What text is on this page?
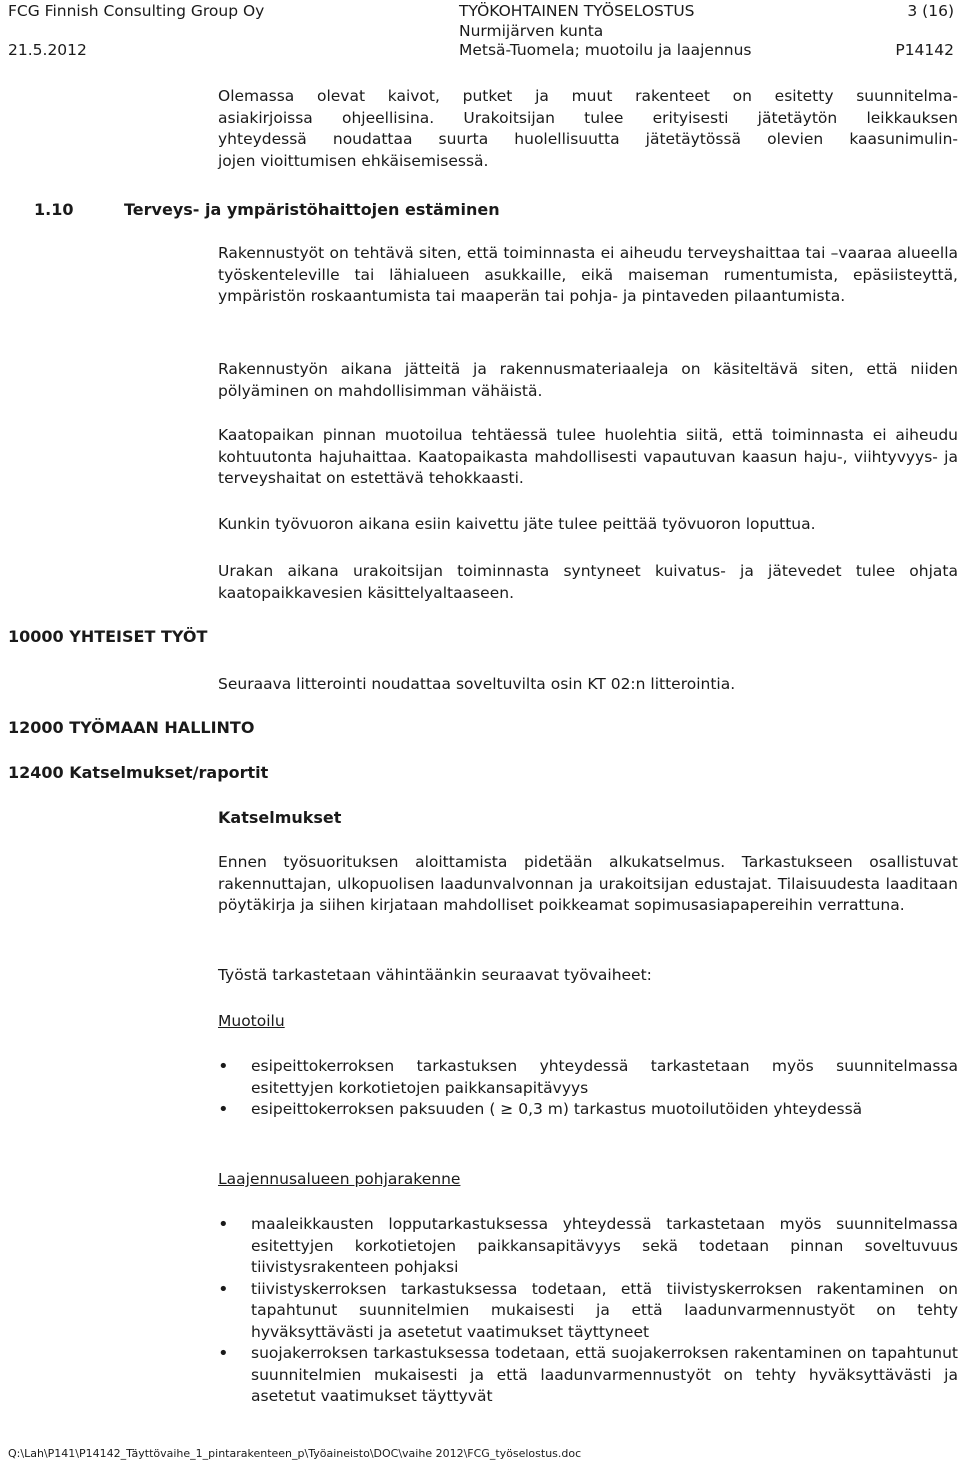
FCG Finnish Consulting Group Oy
21.5.2012
TYÖKOHTAINEN TYÖSELOSTUS
Nurmijärven kunta
Metsä-Tuomela; muotoilu ja laajennus
3 (16)
P14142
Olemassa olevat kaivot, putket ja muut rakenteet on esitetty suunnitelma-
asiakirjoissa ohjeellisina. Urakoitsijan tulee erityisesti jätetäytön leikkauksen
yhteydessä noudattaa suurta huolellisuutta jätetäytössä olevien kaasunimulin-
jojen vioittumisen ehkäisemisessä.
1.10	Terveys- ja ympäristöhaittojen estäminen
Rakennustyöt on tehtävä siten, että toiminnasta ei aiheudu terveyshaittaa tai –vaaraa alueella työskenteleville tai lähialueen asukkaille, eikä maiseman rumentumista, epäsiisteyttä, ympäristön roskaantumista tai maaperän tai pohja- ja pintaveden pilaantumista.
Rakennustyön aikana jätteitä ja rakennusmateriaaleja on käsiteltävä siten, että niiden pölyäminen on mahdollisimman vähäistä.
Kaatopaikan pinnan muotoilua tehtäessä tulee huolehtia siitä, että toiminnasta ei aiheudu kohtuutonta hajuhaittaa. Kaatopaikasta mahdollisesti vapautuvan kaasun haju-, viihtyvyys- ja terveyshaitat on estettävä tehokkaasti.
Kunkin työvuoron aikana esiin kaivettu jäte tulee peittää työvuoron loputtua.
Urakan aikana urakoitsijan toiminnasta syntyneet kuivatus- ja jätevedet tulee ohjata kaatopaikkavesien käsittelyaltaaseen.
10000 YHTEISET TYÖT
Seuraava litterointi noudattaa soveltuvilta osin KT 02:n litterointia.
12000 TYÖMAAN HALLINTO
12400 Katselmukset/raportit
Katselmukset
Ennen työsuorituksen aloittamista pidetään alkukatselmus. Tarkastukseen osallistuvat rakennuttajan, ulkopuolisen laadunvalvonnan ja urakoitsijan edustajat. Tilaisuudesta laaditaan pöytäkirja ja siihen kirjataan mahdolliset poikkeamat sopimusasiapapereihin verrattuna.
Työstä tarkastetaan vähintäänkin seuraavat työvaiheet:
Muotoilu
• esipeittokerroksen tarkastuksen yhteydessä tarkastetaan myös suunnitelmassa esitettyjen korkotietojen paikkansapitävyys
• esipeittokerroksen paksuuden ( ≥ 0,3 m) tarkastus muotoilutöiden yhteydessä
Laajennusalueen pohjarakenne
• maaleikkausten lopputarkastuksessa yhteydessä tarkastetaan myös suunnitelmassa esitettyjen korkotietojen paikkansapitävyys sekä todetaan pinnan soveltuvuus tiivistysrakenteen pohjaksi
• tiivistyskerroksen tarkastuksessa todetaan, että tiivistyskerroksen rakentaminen on tapahtunut suunnitelmien mukaisesti ja että laadunvarmennustyöt on tehty hyväksyttävästi ja asetetut vaatimukset täyttyneet
• suojakerroksen tarkastuksessa todetaan, että suojakerroksen rakentaminen on tapahtunut suunnitelmien mukaisesti ja että laadunvarmennustyöt on tehty hyväksyttävästi ja asetetut vaatimukset täyttyvät
Q:\Lah\P141\P14142_Täyttövaihe_1_pintarakenteen_p\Työaineisto\DOC\vaihe 2012\FCG_työselostus.doc
